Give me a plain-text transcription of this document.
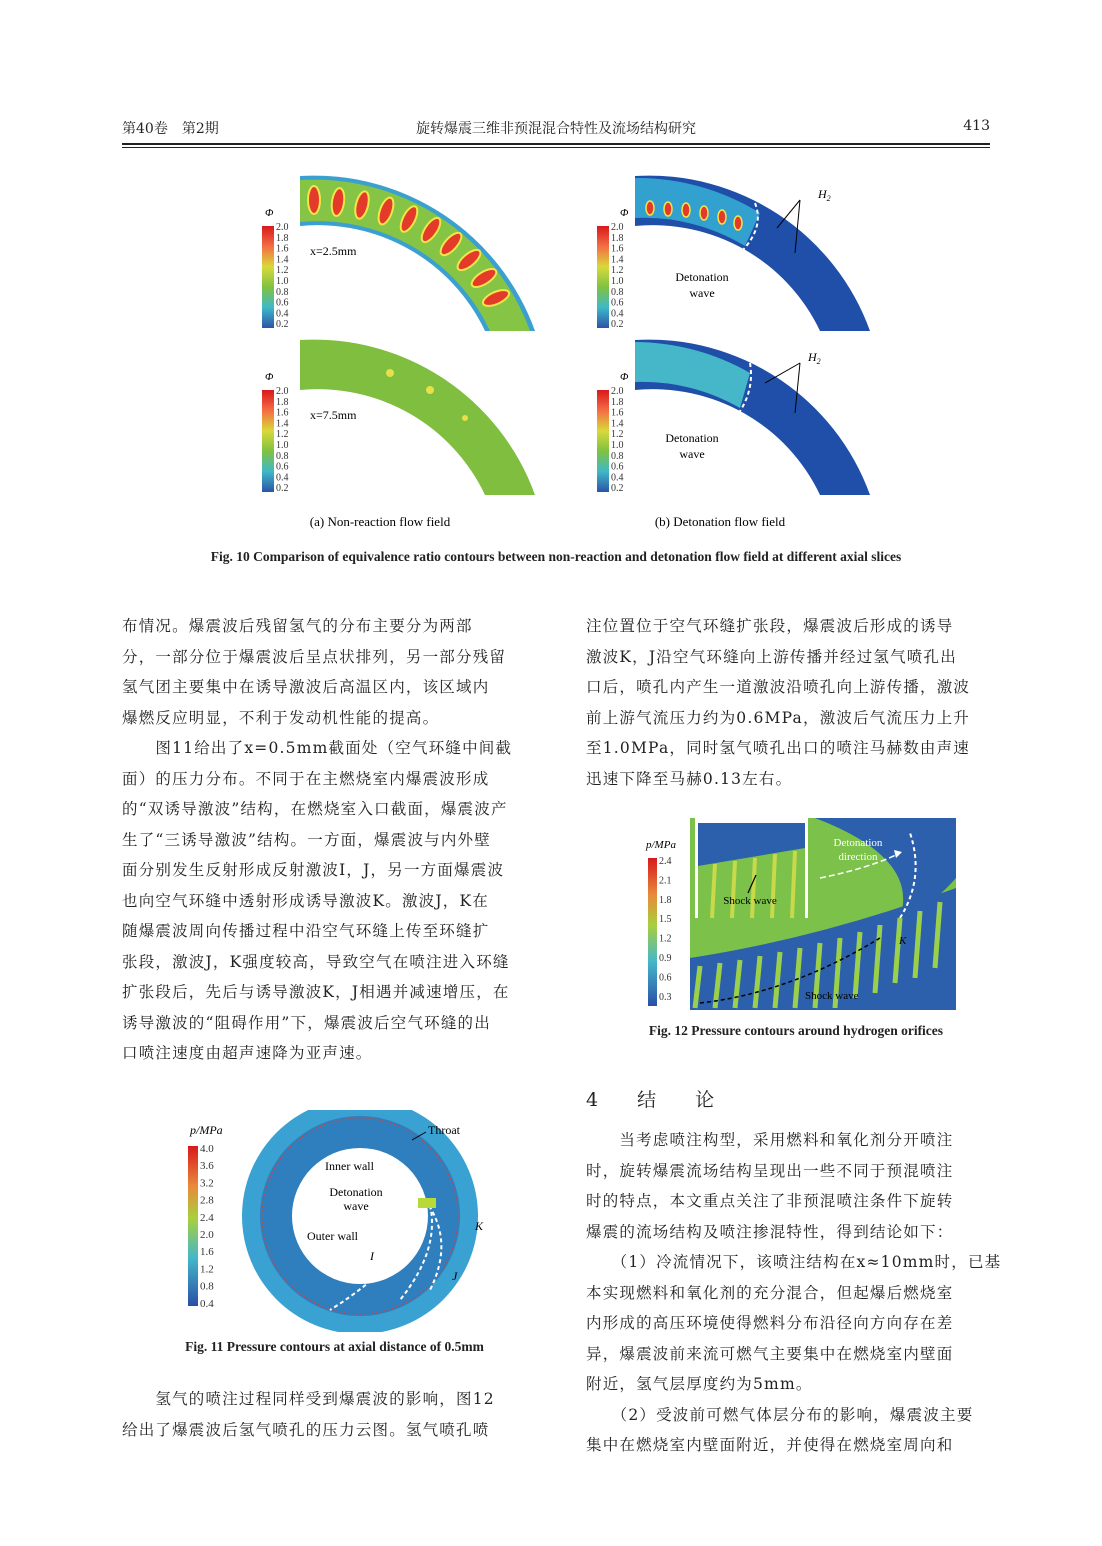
第40卷　第2期	旋转爆震三维非预混混合特性及流场结构研究	413
Φ
2.0
1.8
1.6
1.4
1.2
1.0
0.8
0.6
0.4
0.2
Φ
2.0
1.8
1.6
1.4
1.2
1.0
0.8
0.6
0.4
0.2
Φ
2.0
1.8
1.6
1.4
1.2
1.0
0.8
0.6
0.4
0.2
Φ
2.0
1.8
1.6
1.4
1.2
1.0
0.8
0.6
0.4
0.2
x=2.5mm
x=7.5mm
x=2.5mm
x=7.5mm
Detonation
wave
Detonation
wave
$H_2$
$H_2$
(a) Non-reaction flow field	(b) Detonation flow field
Fig. 10 Comparison of equivalence ratio contours between non-reaction and detonation flow field at different axial slices
布情况。爆震波后残留氢气的分布主要分为两部
分，一部分位于爆震波后呈点状排列，另一部分残留
氢气团主要集中在诱导激波后高温区内，该区域内
爆燃反应明显，不利于发动机性能的提高。
　　图11给出了x=0.5mm截面处（空气环缝中间截
面）的压力分布。不同于在主燃烧室内爆震波形成
的“双诱导激波”结构，在燃烧室入口截面，爆震波产
生了“三诱导激波”结构。一方面，爆震波与内外壁
面分别发生反射形成反射激波I，J，另一方面爆震波
也向空气环缝中透射形成诱导激波K。激波J，K在
随爆震波周向传播过程中沿空气环缝上传至环缝扩
张段，激波J，K强度较高，导致空气在喷注进入环缝
扩张段后，先后与诱导激波K，J相遇并减速增压，在
诱导激波的“阻碍作用”下，爆震波后空气环缝的出
口喷注速度由超声速降为亚声速。
p/MPa
4.0
3.6
3.2
2.8
2.4
2.0
1.6
1.2
0.8
0.4
Throat
Inner wall
Detonation
wave
Outer wall
K
I
J
Fig. 11 Pressure contours at axial distance of 0.5mm
　　氢气的喷注过程同样受到爆震波的影响，图12
给出了爆震波后氢气喷孔的压力云图。氢气喷孔喷
注位置位于空气环缝扩张段，爆震波后形成的诱导
激波K，J沿空气环缝向上游传播并经过氢气喷孔出
口后，喷孔内产生一道激波沿喷孔向上游传播，激波
前上游气流压力约为0.6MPa，激波后气流压力上升
至1.0MPa，同时氢气喷孔出口的喷注马赫数由声速
迅速下降至马赫0.13左右。
p/MPa
2.4
2.1
1.8
1.5
1.2
0.9
0.6
0.3
Detonation
direction
Shock wave
K
Shock wave
Fig. 12 Pressure contours around hydrogen orifices
4　结　论
　　当考虑喷注构型，采用燃料和氧化剂分开喷注
时，旋转爆震流场结构呈现出一些不同于预混喷注
时的特点，本文重点关注了非预混喷注条件下旋转
爆震的流场结构及喷注掺混特性，得到结论如下：
　　（1）冷流情况下，该喷注结构在x≈10mm时，已基
本实现燃料和氧化剂的充分混合，但起爆后燃烧室
内形成的高压环境使得燃料分布沿径向方向存在差
异，爆震波前来流可燃气主要集中在燃烧室内壁面
附近，氢气层厚度约为5mm。
　　（2）受波前可燃气体层分布的影响，爆震波主要
集中在燃烧室内壁面附近，并使得在燃烧室周向和
